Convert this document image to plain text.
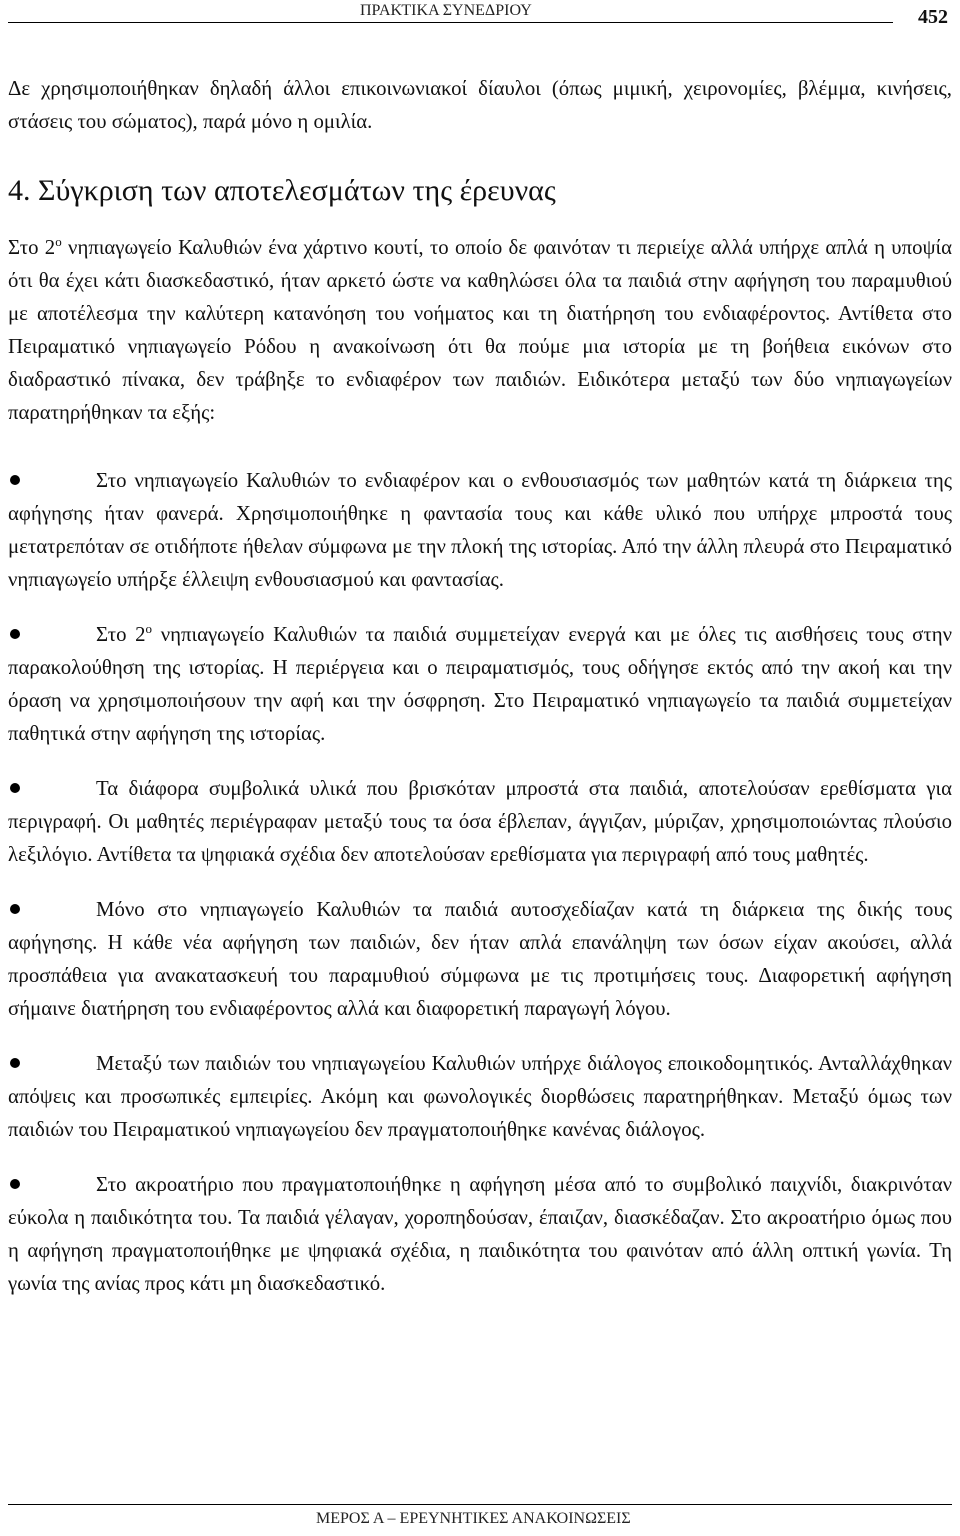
ΠΡΑΚΤΙΚΑ ΣΥΝΕΔΡΙΟΥ	452

Δε χρησιμοποιήθηκαν δηλαδή άλλοι επικοινωνιακοί δίαυλοι (όπως μιμική, χειρονομίες, βλέμμα, κινήσεις, στάσεις του σώματος), παρά μόνο η ομιλία.

4. Σύγκριση των αποτελεσμάτων της έρευνας

Στο $2^o$ νηπιαγωγείο Καλυθιών ένα χάρτινο κουτί, το οποίο δε φαινόταν τι περιείχε αλλά υπήρχε απλά η υποψία ότι θα έχει κάτι διασκεδαστικό, ήταν αρκετό ώστε να καθηλώσει όλα τα παιδιά στην αφήγηση του παραμυθιού με αποτέλεσμα την καλύτερη κατανόηση του νοήματος και τη διατήρηση του ενδιαφέροντος. Αντίθετα στο Πειραματικό νηπιαγωγείο Ρόδου η ανακοίνωση ότι θα πούμε μια ιστορία με τη βοήθεια εικόνων στο διαδραστικό πίνακα, δεν τράβηξε το ενδιαφέρον των παιδιών. Ειδικότερα μεταξύ των δύο νηπιαγωγείων παρατηρήθηκαν τα εξής:

Στο νηπιαγωγείο Καλυθιών το ενδιαφέρον και ο ενθουσιασμός των μαθητών κατά τη διάρκεια της αφήγησης ήταν φανερά. Χρησιμοποιήθηκε η φαντασία τους και κάθε υλικό που υπήρχε μπροστά τους μετατρεπόταν σε οτιδήποτε ήθελαν σύμφωνα με την πλοκή της ιστορίας. Από την άλλη πλευρά στο Πειραματικό νηπιαγωγείο υπήρξε έλλειψη ενθουσιασμού και φαντασίας.
Στο $2^o$ νηπιαγωγείο Καλυθιών τα παιδιά συμμετείχαν ενεργά και με όλες τις αισθήσεις τους στην παρακολούθηση της ιστορίας. Η περιέργεια και ο πειραματισμός, τους οδήγησε εκτός από την ακοή και την όραση να χρησιμοποιήσουν την αφή και την όσφρηση. Στο Πειραματικό νηπιαγωγείο τα παιδιά συμμετείχαν παθητικά στην αφήγηση της ιστορίας.
Τα διάφορα συμβολικά υλικά που βρισκόταν μπροστά στα παιδιά, αποτελούσαν ερεθίσματα για περιγραφή. Οι μαθητές περιέγραφαν μεταξύ τους τα όσα έβλεπαν, άγγιζαν, μύριζαν, χρησιμοποιώντας πλούσιο λεξιλόγιο. Αντίθετα τα ψηφιακά σχέδια δεν αποτελούσαν ερεθίσματα για περιγραφή από τους μαθητές.
Μόνο στο νηπιαγωγείο Καλυθιών τα παιδιά αυτοσχεδίαζαν κατά τη διάρκεια της δικής τους αφήγησης. Η κάθε νέα αφήγηση των παιδιών, δεν ήταν απλά επανάληψη των όσων είχαν ακούσει, αλλά προσπάθεια για ανακατασκευή του παραμυθιού σύμφωνα με τις προτιμήσεις τους. Διαφορετική αφήγηση σήμαινε διατήρηση του ενδιαφέροντος αλλά και διαφορετική παραγωγή λόγου.
Μεταξύ των παιδιών του νηπιαγωγείου Καλυθιών υπήρχε διάλογος εποικοδομητικός. Ανταλλάχθηκαν απόψεις και προσωπικές εμπειρίες. Ακόμη και φωνολογικές διορθώσεις παρατηρήθηκαν. Μεταξύ όμως των παιδιών του Πειραματικού νηπιαγωγείου δεν πραγματοποιήθηκε κανένας διάλογος.
Στο ακροατήριο που πραγματοποιήθηκε η αφήγηση μέσα από το συμβολικό παιχνίδι, διακρινόταν εύκολα η παιδικότητα του. Τα παιδιά γέλαγαν, χοροπηδούσαν, έπαιζαν, διασκέδαζαν. Στο ακροατήριο όμως που η αφήγηση πραγματοποιήθηκε με ψηφιακά σχέδια, η παιδικότητα του φαινόταν από άλλη οπτική γωνία. Τη γωνία της ανίας προς κάτι μη διασκεδαστικό.
ΜΕΡΟΣ Α – ΕΡΕΥΝΗΤΙΚΕΣ ΑΝΑΚΟΙΝΩΣΕΙΣ
